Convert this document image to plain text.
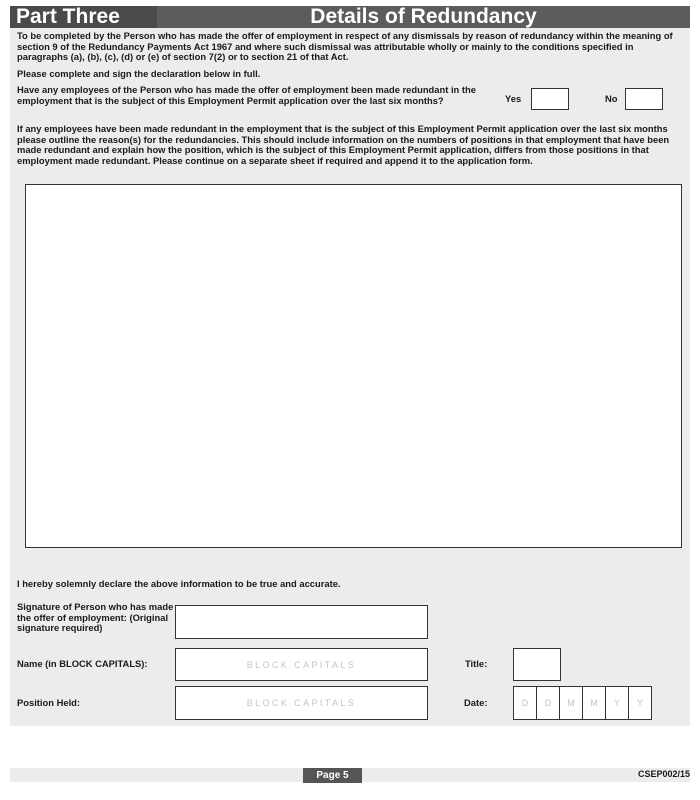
Part Three	Details of Redundancy
To be completed by the Person who has made the offer of employment in respect of any dismissals by reason of redundancy within the meaning of section 9 of the Redundancy Payments Act 1967 and where such dismissal was attributable wholly or mainly to the conditions specified in paragraphs (a), (b), (c), (d) or (e) of section 7(2) or to section 21 of that Act.
Please complete and sign the declaration below in full.
Have any employees of the Person who has made the offer of employment been made redundant in the employment that is the subject of this Employment Permit application over the last six months?	Yes	No
If any employees have been made redundant in the employment that is the subject of this Employment Permit application over the last six months please outline the reason(s) for the redundancies. This should include information on the numbers of positions in that employment that have been made redundant and explain how the position, which is the subject of this Employment Permit application, differs from those positions in that employment made redundant. Please continue on a separate sheet if required and append it to the application form.
I hereby solemnly declare the above information to be true and accurate.
Signature of Person who has made the offer of employment: (Original signature required)
Name (in BLOCK CAPITALS):	BLOCK CAPITALS	Title:
Position Held:	BLOCK CAPITALS	Date:	D	D	M	M	Y	Y
Page 5	CSEP002/15
